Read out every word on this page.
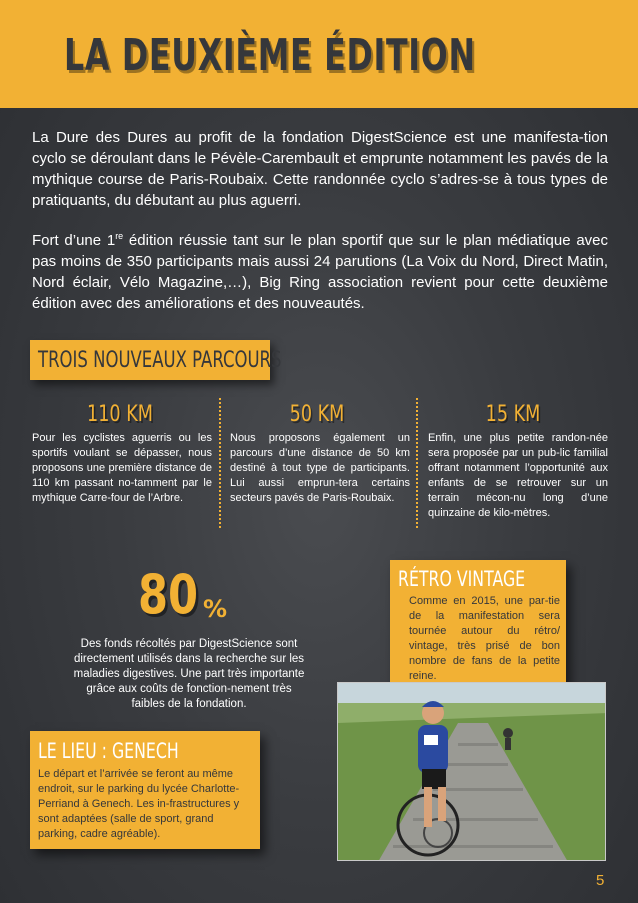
LA DEUXIÈME ÉDITION

La Dure des Dures au profit de la fondation DigestScience est une manifesta-tion cyclo se déroulant dans le Pévèle-Carembault et emprunte notamment les pavés de la mythique course de Paris-Roubaix. Cette randonnée cyclo s’adres-se à tous types de pratiquants, du débutant au plus aguerri.

Fort d’une 1re édition réussie tant sur le plan sportif que sur le plan médiatique avec pas moins de 350 participants mais aussi 24 parutions (La Voix du Nord, Direct Matin, Nord éclair, Vélo Magazine,…), Big Ring association revient pour cette deuxième édition avec des améliorations et des nouveautés.

TROIS NOUVEAUX PARCOURS
110 KM	50 KM	15 KM

Pour les cyclistes aguerris ou les sportifs voulant se dépasser, nous proposons une première distance de 110 km passant no-tamment par le mythique Carre-four de l’Arbre.

Nous proposons également un parcours d’une distance de 50 km destiné à tout type de participants. Lui aussi emprun-tera certains secteurs pavés de Paris-Roubaix.

Enfin, une plus petite randon-née sera proposée par un pub-lic familial offrant notamment l’opportunité aux enfants de se retrouver sur un terrain mécon-nu long d’une quinzaine de kilo-mètres.

80 %

Des fonds récoltés par DigestScience sont directement utilisés dans la recherche sur les maladies digestives. Une part très importante grâce aux coûts de fonction-nement très faibles de la fondation.

RÉTRO VINTAGE

Comme en 2015, une par-tie de la manifestation sera tournée autour du rétro/ vintage, très prisé de bon nombre de fans de la petite reine.

LE LIEU : GENECH

Le départ et l’arrivée se feront au même endroit, sur le parking du lycée Charlotte-Perriand à Genech. Les in-frastructures y sont adaptées (salle de sport, grand parking, cadre agréable).

5
